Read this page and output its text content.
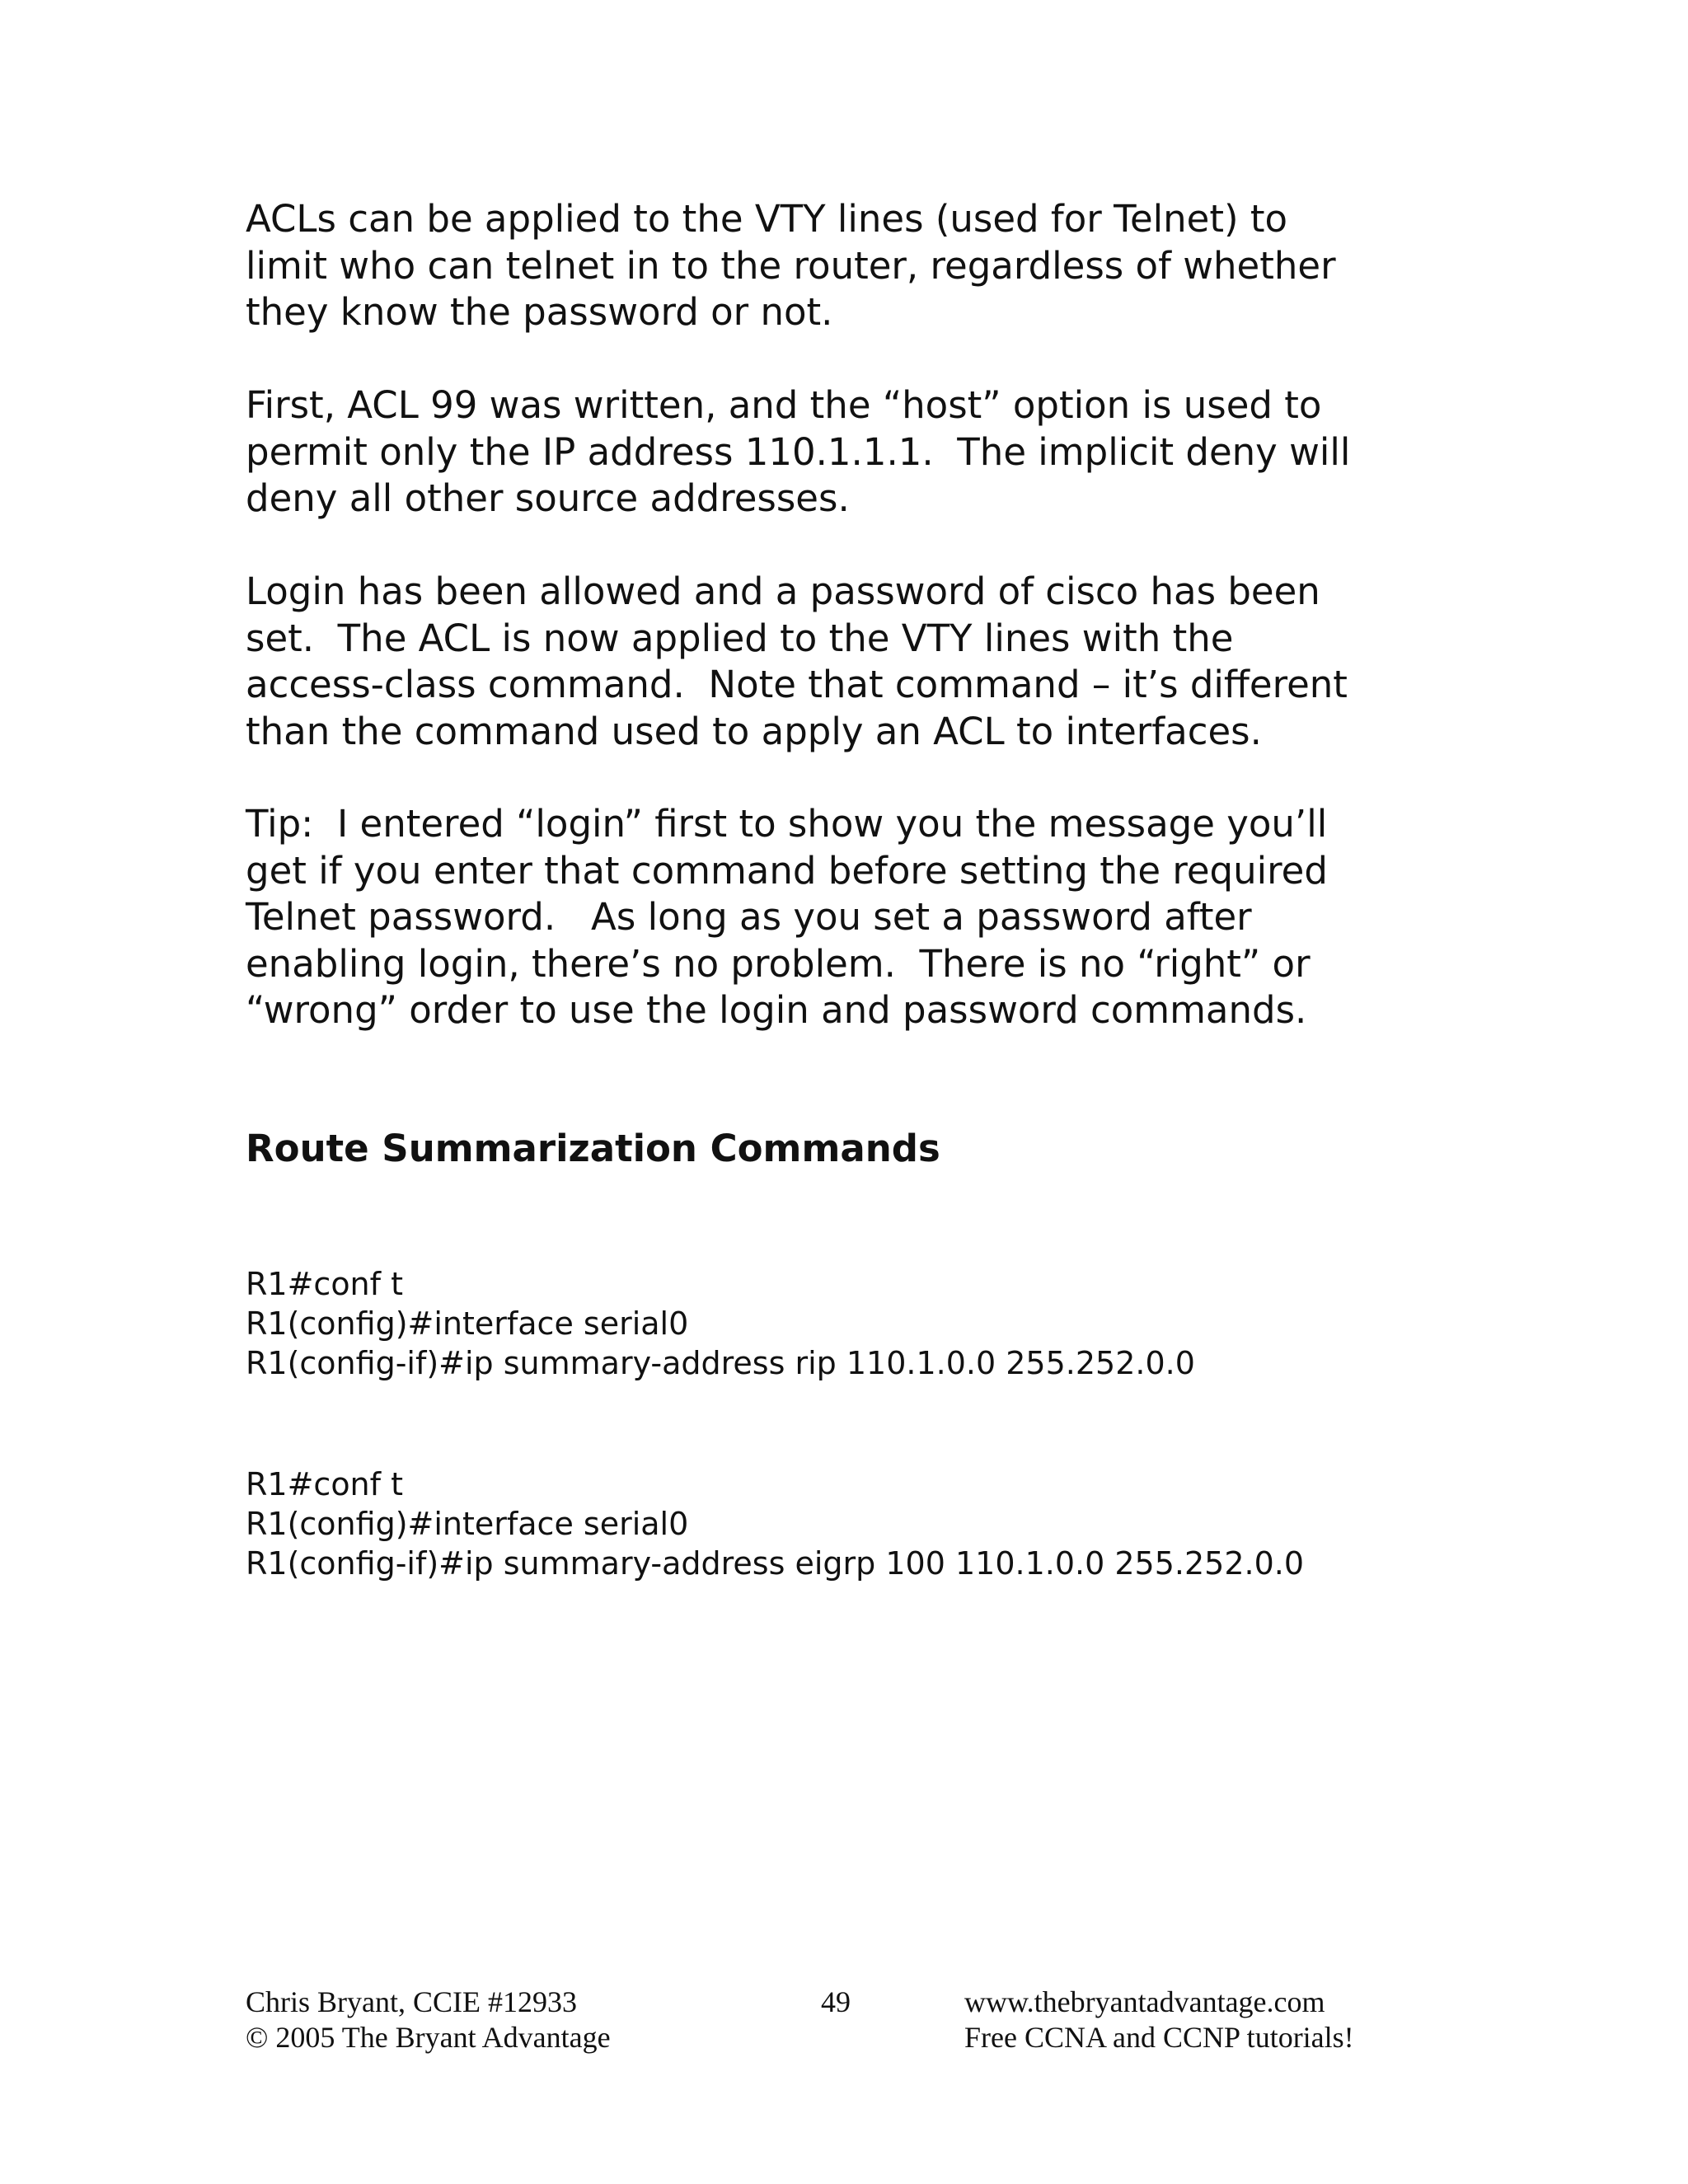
ACLs can be applied to the VTY lines (used for Telnet) to
limit who can telnet in to the router, regardless of whether
they know the password or not.
First, ACL 99 was written, and the “host” option is used to
permit only the IP address 110.1.1.1.  The implicit deny will
deny all other source addresses.
Login has been allowed and a password of cisco has been
set.  The ACL is now applied to the VTY lines with the
access-class command.  Note that command – it’s different
than the command used to apply an ACL to interfaces.
Tip:  I entered “login” first to show you the message you’ll
get if you enter that command before setting the required
Telnet password.   As long as you set a password after
enabling login, there’s no problem.  There is no “right” or
“wrong” order to use the login and password commands.
Route Summarization Commands
R1#conf t
R1(config)#interface serial0
R1(config-if)#ip summary-address rip 110.1.0.0 255.252.0.0
R1#conf t
R1(config)#interface serial0
R1(config-if)#ip summary-address eigrp 100 110.1.0.0 255.252.0.0
Chris Bryant, CCIE #12933
© 2005 The Bryant Advantage
49	www.thebryantadvantage.com
Free CCNA and CCNP tutorials!
